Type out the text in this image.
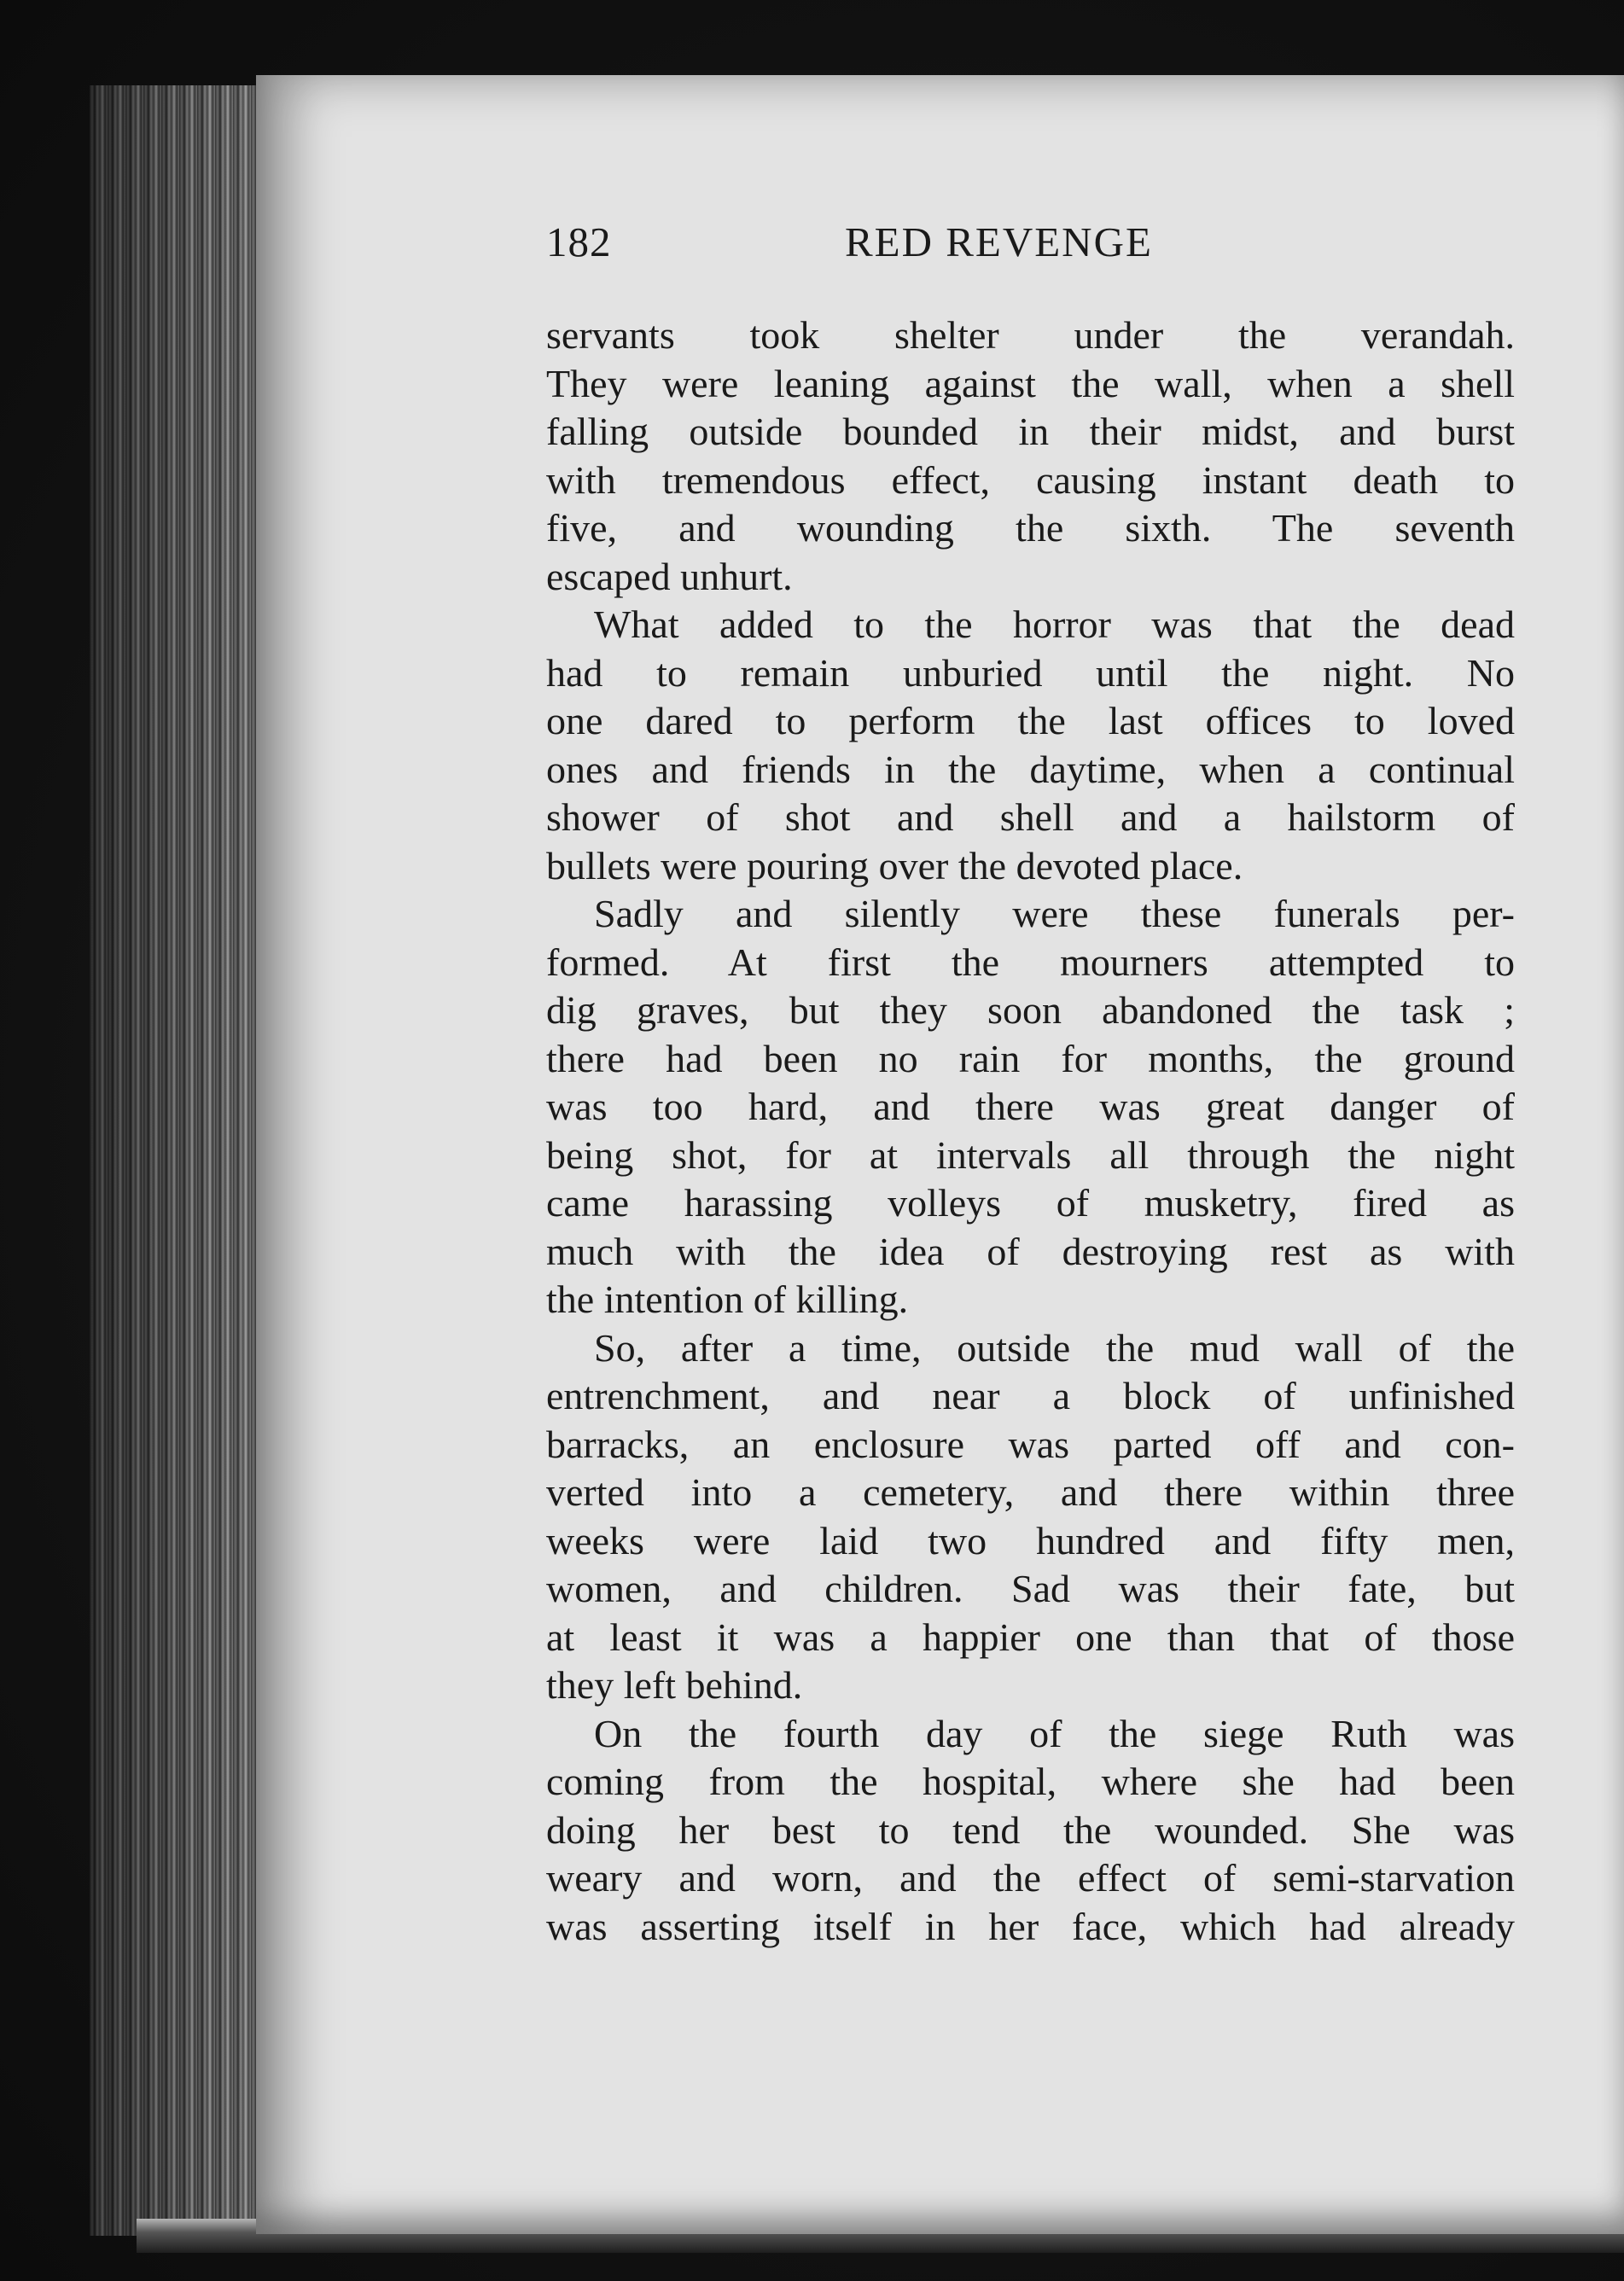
182	RED REVENGE
servants took shelter under the verandah.
They were leaning against the wall, when a shell
falling outside bounded in their midst, and burst
with tremendous effect, causing instant death to
five, and wounding the sixth. The seventh
escaped unhurt.
What added to the horror was that the dead
had to remain unburied until the night. No
one dared to perform the last offices to loved
ones and friends in the daytime, when a continual
shower of shot and shell and a hailstorm of
bullets were pouring over the devoted place.
Sadly and silently were these funerals per-
formed. At first the mourners attempted to
dig graves, but they soon abandoned the task ;
there had been no rain for months, the ground
was too hard, and there was great danger of
being shot, for at intervals all through the night
came harassing volleys of musketry, fired as
much with the idea of destroying rest as with
the intention of killing.
So, after a time, outside the mud wall of the
entrenchment, and near a block of unfinished
barracks, an enclosure was parted off and con-
verted into a cemetery, and there within three
weeks were laid two hundred and fifty men,
women, and children. Sad was their fate, but
at least it was a happier one than that of those
they left behind.
On the fourth day of the siege Ruth was
coming from the hospital, where she had been
doing her best to tend the wounded. She was
weary and worn, and the effect of semi-starvation
was asserting itself in her face, which had already
